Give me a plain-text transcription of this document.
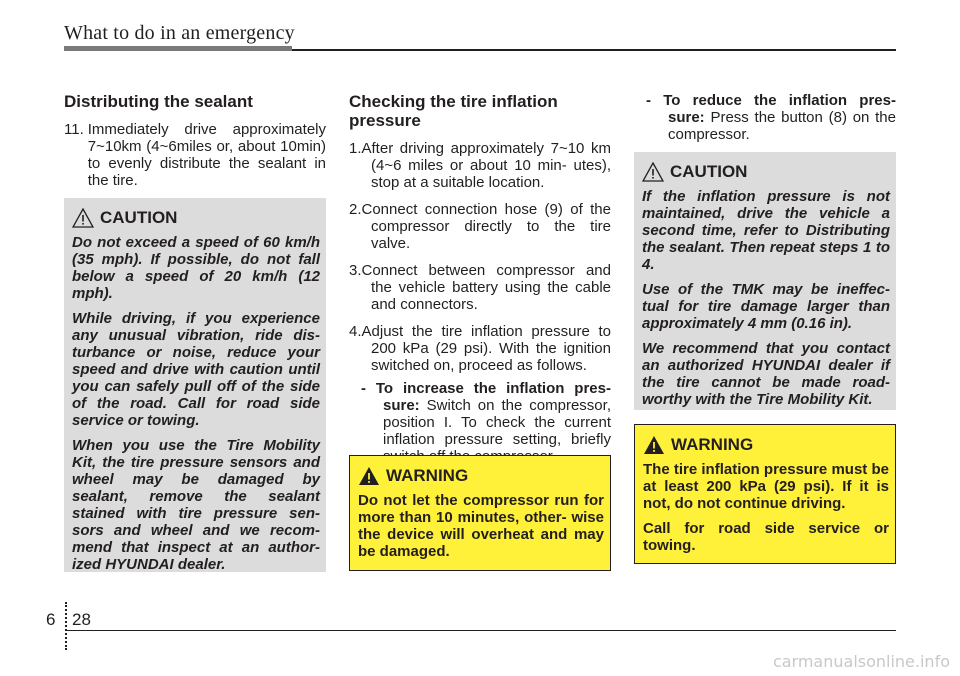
What to do in an emergency
Distributing the sealant
11. Immediately drive approximately 7~10km (4~6miles or, about 10min) to evenly distribute the sealant in the tire.
CAUTION

Do not exceed a speed of 60 km/h (35 mph). If possible, do not fall below a speed of 20 km/h (12 mph).

While driving, if you experience any unusual vibration, ride dis- turbance or noise, reduce your speed and drive with caution until you can safely pull off of the side of the road. Call for road side service or towing.

When you use the Tire Mobility Kit, the tire pressure sensors and wheel may be damaged by sealant, remove the sealant stained with tire pressure sen- sors and wheel and we recom- mend that inspect at an author- ized HYUNDAI dealer.

Checking the tire inflation pressure

1.After driving approximately 7~10 km (4~6 miles or about 10 min- utes), stop at a suitable location.

2.Connect connection hose (9) of the compressor directly to the tire valve.

3.Connect between compressor and the vehicle battery using the cable and connectors.

4.Adjust the tire inflation pressure to 200 kPa (29 psi). With the ignition switched on, proceed as follows.

- To increase the inflation pres- sure: Switch on the compressor, position I. To check the current inflation pressure setting, briefly

WARNING

Do not let the compressor run for more than 10 minutes, other- wise the device will overheat and may be damaged.

- To reduce the inflation pres- sure: Press the button (8) on the compressor.

CAUTION

If the inflation pressure is not maintained, drive the vehicle a second time, refer to Distributing the sealant. Then repeat steps 1 to 4.

Use of the TMK may be ineffec- tual for tire damage larger than approximately 4 mm (0.16 in).

We recommend that you contact an authorized HYUNDAI dealer if the tire cannot be made road- worthy with the Tire Mobility Kit.

WARNING

The tire inflation pressure must be at least 200 kPa (29 psi). If it is not, do not continue driving.

Call for road side service or towing.

6 28
carmanualsonline.info
